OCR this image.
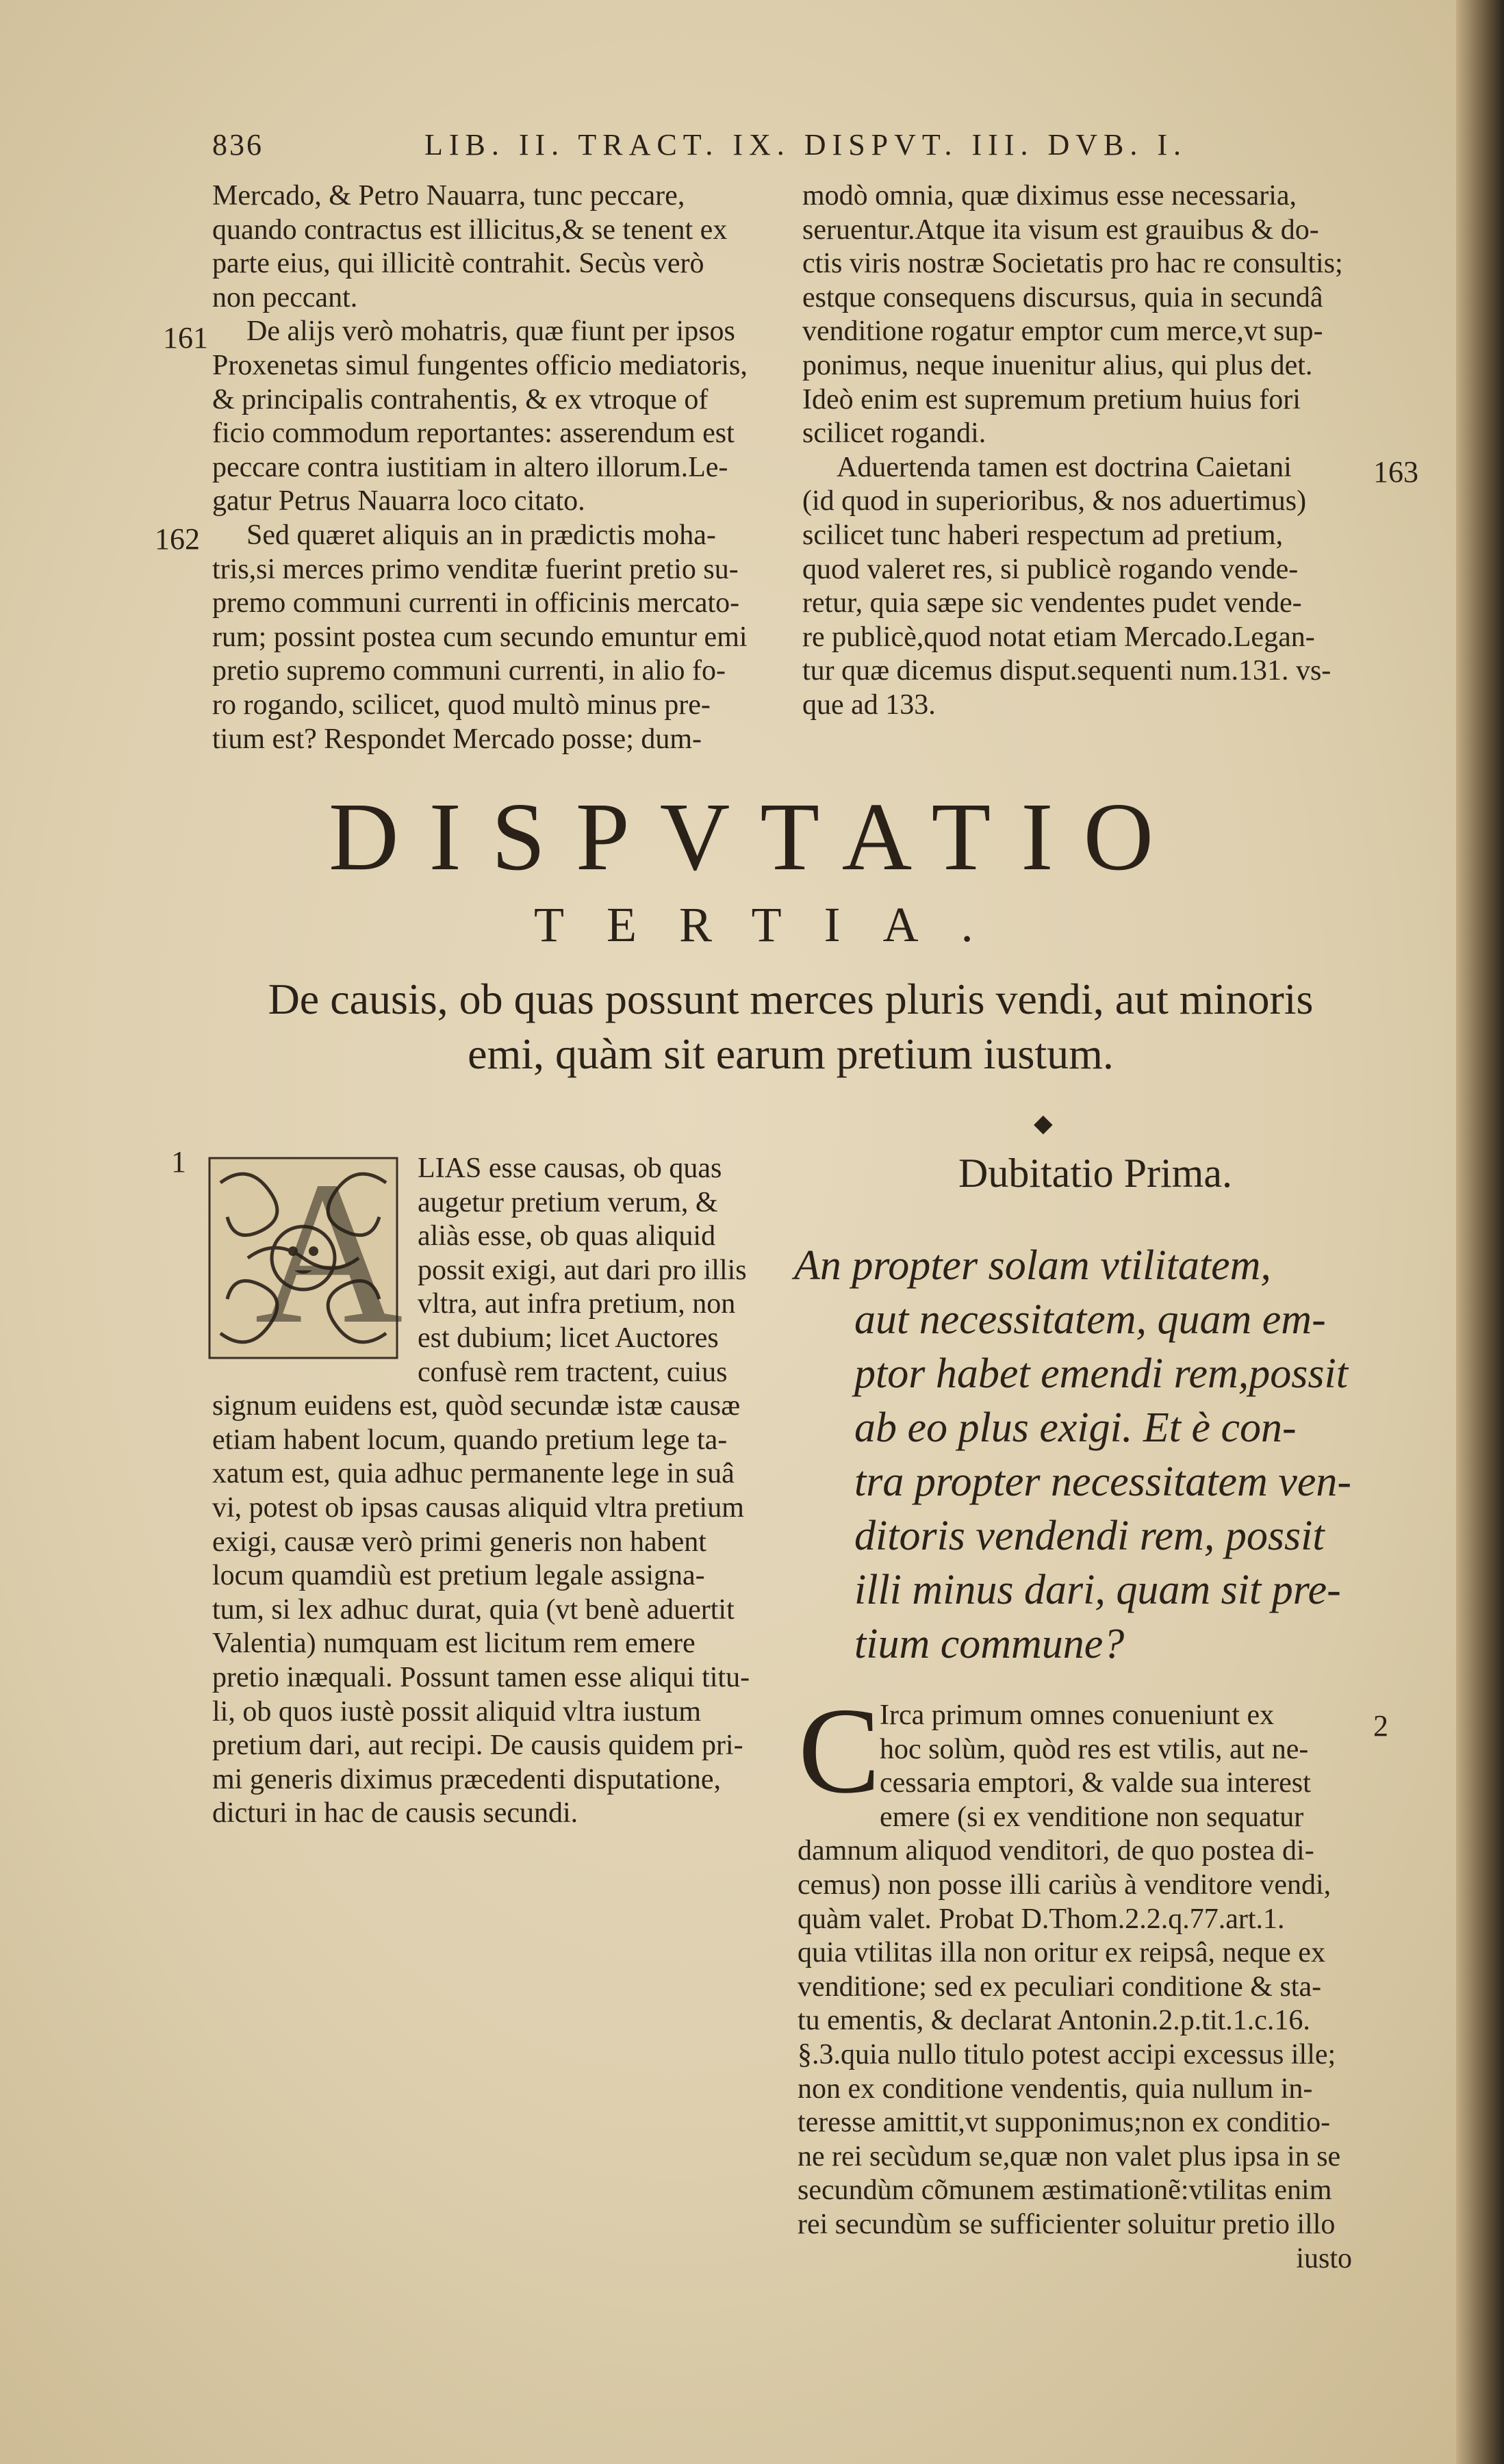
836	LIB. II. TRACT. IX. DISPVT. III. DVB. I.
Mercado, & Petro Nauarra, tunc peccare,
quando contractus est illicitus,& se tenent ex
parte eius, qui illicitè contrahit. Secùs verò
non peccant.
De alijs verò mohatris, quæ fiunt per ipsos
Proxenetas simul fungentes officio mediatoris,
& principalis contrahentis, & ex vtroque of
ficio commodum reportantes: asserendum est
peccare contra iustitiam in altero illorum.Le-
gatur Petrus Nauarra loco citato.
Sed quæret aliquis an in prædictis moha-
tris,si merces primo venditæ fuerint pretio su-
premo communi currenti in officinis mercato-
rum; possint postea cum secundo emuntur emi
pretio supremo communi currenti, in alio fo-
ro rogando, scilicet, quod multò minus pre-
tium est? Respondet Mercado posse; dum-
modò omnia, quæ diximus esse necessaria,
seruentur.Atque ita visum est grauibus & do-
ctis viris nostræ Societatis pro hac re consultis;
estque consequens discursus, quia in secundâ
venditione rogatur emptor cum merce,vt sup-
ponimus, neque inuenitur alius, qui plus det.
Ideò enim est supremum pretium huius fori
scilicet rogandi.
Aduertenda tamen est doctrina Caietani
(id quod in superioribus, & nos aduertimus)
scilicet tunc haberi respectum ad pretium,
quod valeret res, si publicè rogando vende-
retur, quia sæpe sic vendentes pudet vende-
re publicè,quod notat etiam Mercado.Legan-
tur quæ dicemus disput.sequenti num.131. vs-
que ad 133.
161
162
163
1
2
DISPVTATIO
TERTIA.
De causis, ob quas possunt merces pluris vendi, aut minoris
emi, quàm sit earum pretium iustum.
◆
A LIAS esse causas, ob quas
augetur pretium verum, &
aliàs esse, ob quas aliquid
possit exigi, aut dari pro illis
vltra, aut infra pretium, non
est dubium; licet Auctores
confusè rem tractent, cuius
signum euidens est, quòd secundæ istæ causæ
etiam habent locum, quando pretium lege ta-
xatum est, quia adhuc permanente lege in suâ
vi, potest ob ipsas causas aliquid vltra pretium
exigi, causæ verò primi generis non habent
locum quamdiù est pretium legale assigna-
tum, si lex adhuc durat, quia (vt benè aduertit
Valentia) numquam est licitum rem emere
pretio inæquali. Possunt tamen esse aliqui titu-
li, ob quos iustè possit aliquid vltra iustum
pretium dari, aut recipi. De causis quidem pri-
mi generis diximus præcedenti disputatione,
dicturi in hac de causis secundi.
Dubitatio Prima.
An propter solam vtilitatem,
aut necessitatem, quam em-
ptor habet emendi rem,possit
ab eo plus exigi. Et è con-
tra propter necessitatem ven-
ditoris vendendi rem, possit
illi minus dari, quam sit pre-
tium commune?
C
Irca primum omnes conueniunt ex
hoc solùm, quòd res est vtilis, aut ne-
cessaria emptori, & valde sua interest
emere (si ex venditione non sequatur
damnum aliquod venditori, de quo postea di-
cemus) non posse illi cariùs à venditore vendi,
quàm valet. Probat D.Thom.2.2.q.77.art.1.
quia vtilitas illa non oritur ex reipsâ, neque ex
venditione; sed ex peculiari conditione & sta-
tu ementis, & declarat Antonin.2.p.tit.1.c.16.
§.3.quia nullo titulo potest accipi excessus ille;
non ex conditione vendentis, quia nullum in-
teresse amittit,vt supponimus;non ex conditio-
ne rei secùdum se,quæ non valet plus ipsa in se
secundùm cõmunem æstimationẽ:vtilitas enim
rei secundùm se sufficienter soluitur pretio illo
iusto
